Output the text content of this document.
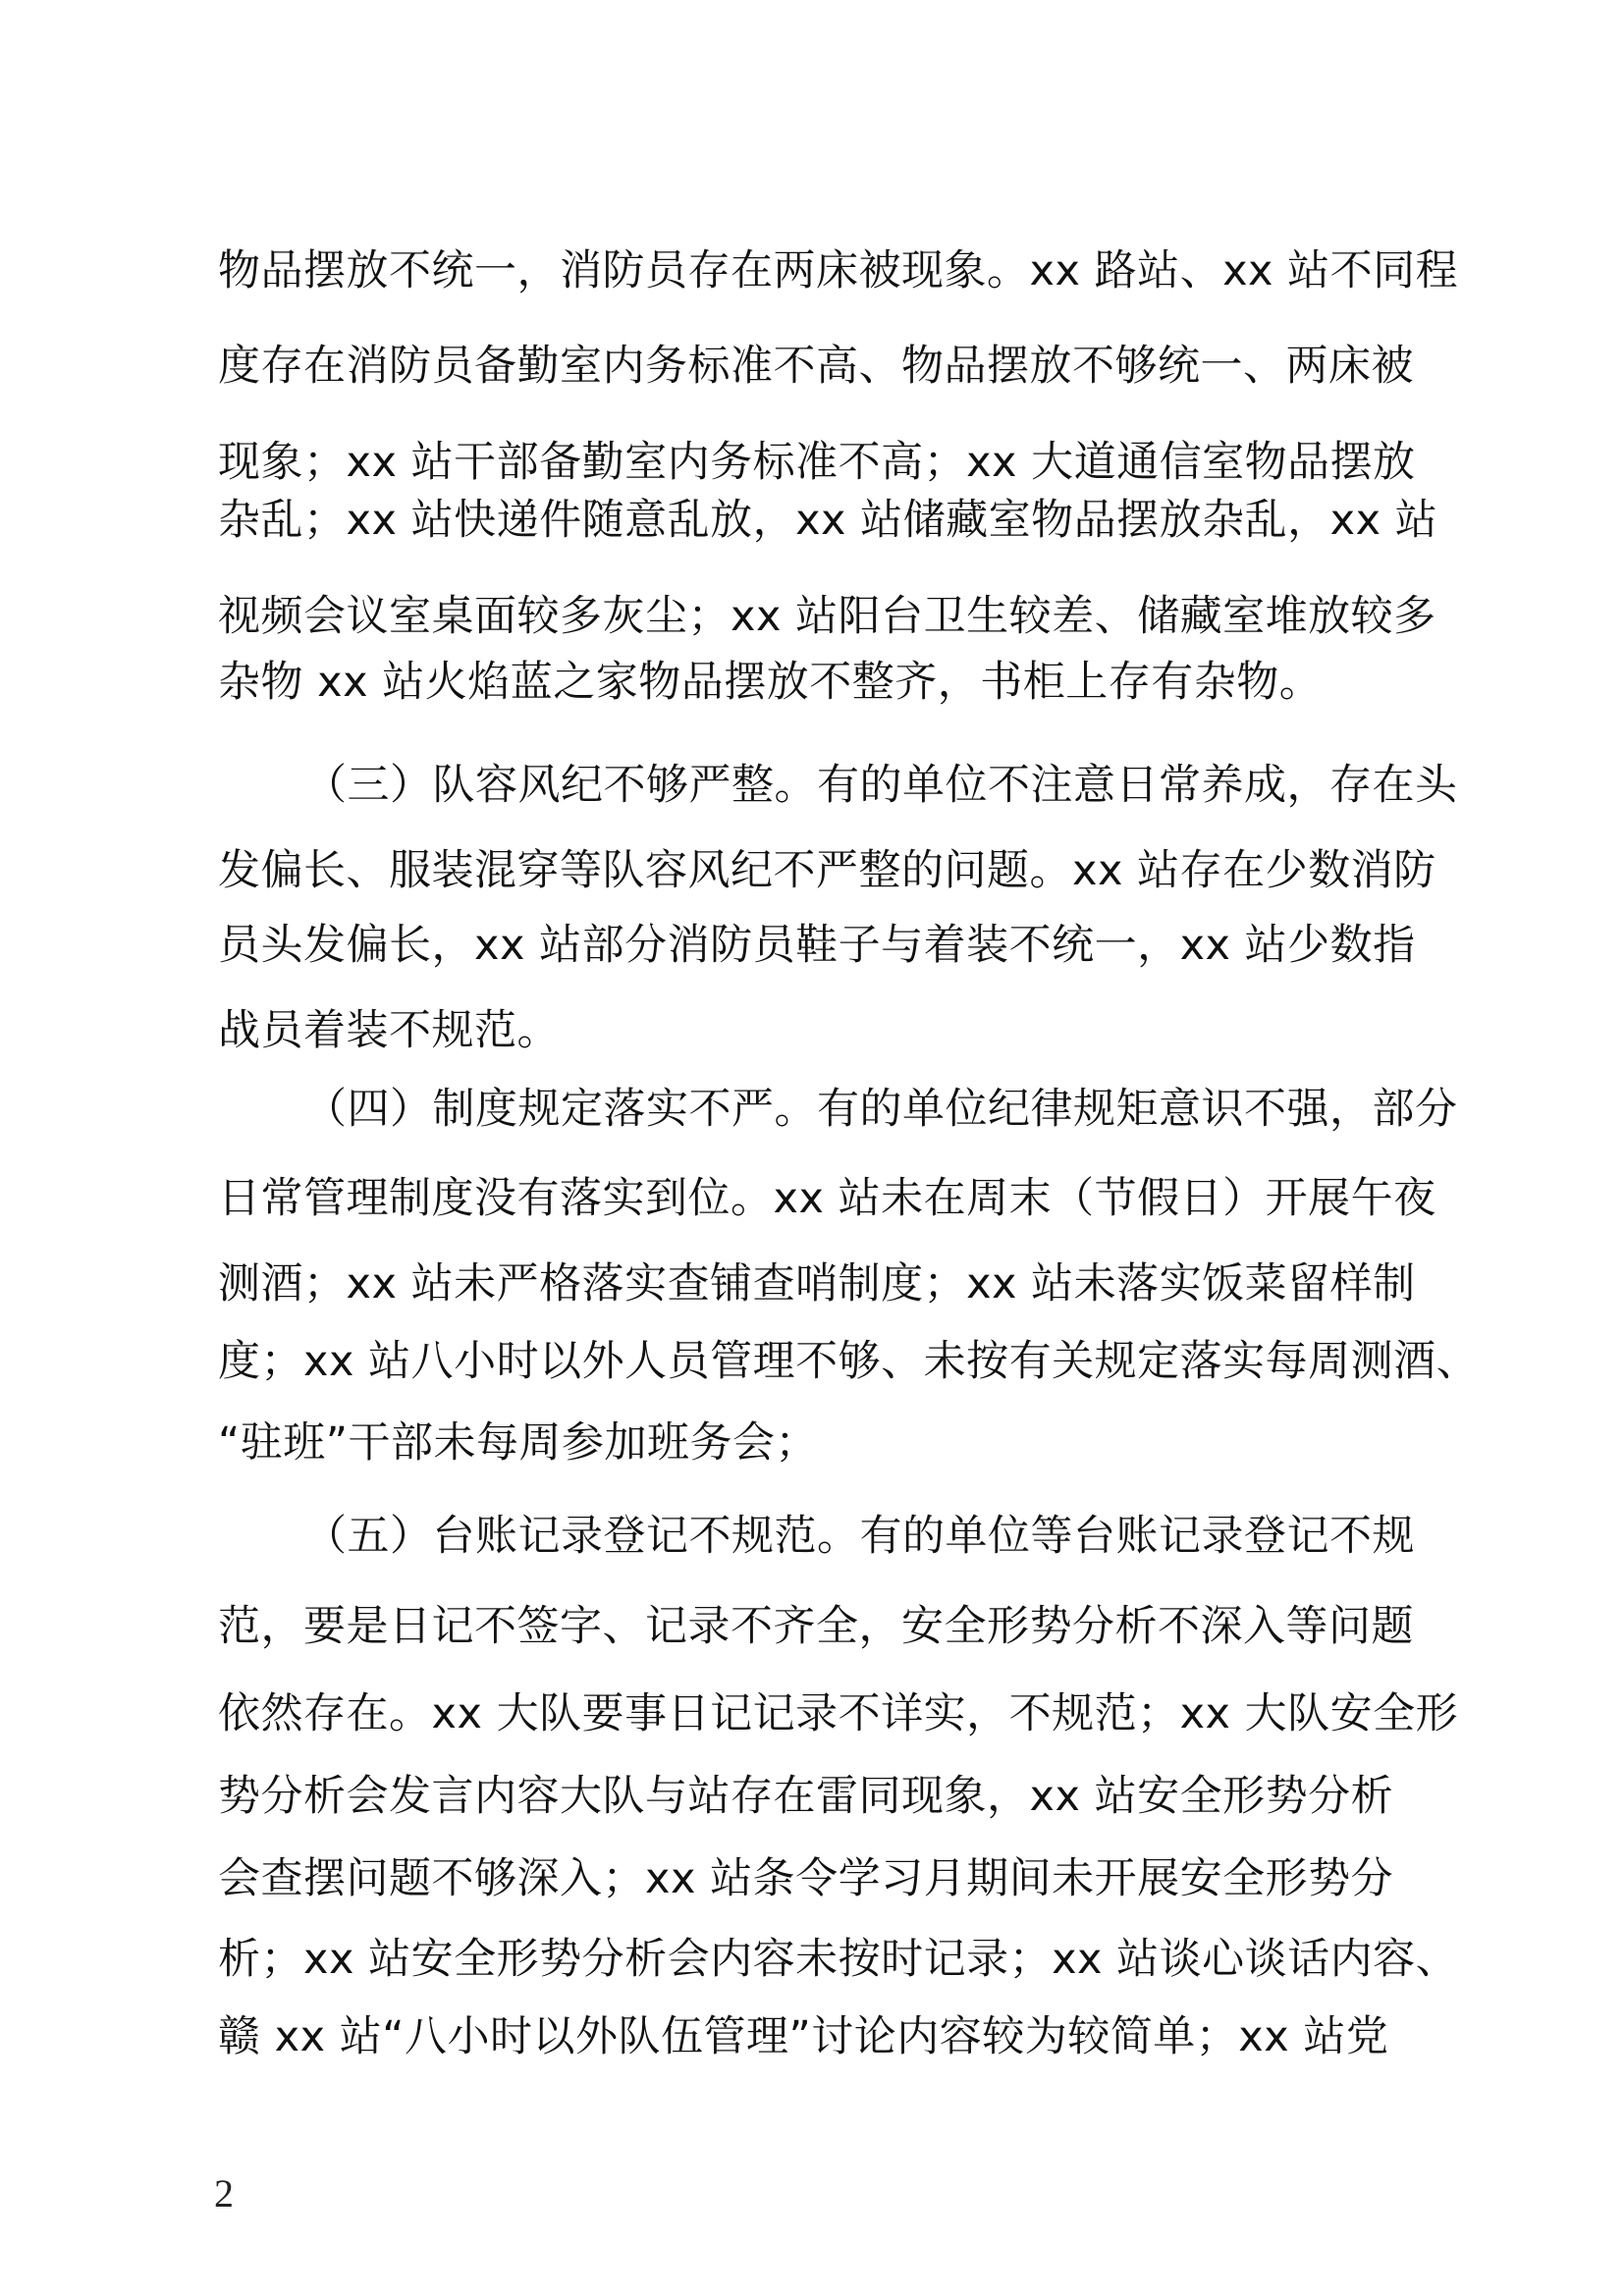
物品摆放不统一，消防员存在两床被现象。xx 路站、xx 站不同程
度存在消防员备勤室内务标准不高、物品摆放不够统一、两床被
现象；xx 站干部备勤室内务标准不高；xx 大道通信室物品摆放
杂乱；xx 站快递件随意乱放，xx 站储藏室物品摆放杂乱，xx 站
视频会议室桌面较多灰尘；xx 站阳台卫生较差、储藏室堆放较多
杂物 xx 站火焰蓝之家物品摆放不整齐，书柜上存有杂物。
（三）队容风纪不够严整。有的单位不注意日常养成，存在头
发偏长、服装混穿等队容风纪不严整的问题。xx 站存在少数消防
员头发偏长，xx 站部分消防员鞋子与着装不统一，xx 站少数指
战员着装不规范。
（四）制度规定落实不严。有的单位纪律规矩意识不强，部分
日常管理制度没有落实到位。xx 站未在周末（节假日）开展午夜
测酒；xx 站未严格落实查铺查哨制度；xx 站未落实饭菜留样制
度；xx 站八小时以外人员管理不够、未按有关规定落实每周测酒、
“驻班”干部未每周参加班务会；
（五）台账记录登记不规范。有的单位等台账记录登记不规
范，要是日记不签字、记录不齐全，安全形势分析不深入等问题
依然存在。xx 大队要事日记记录不详实，不规范；xx 大队安全形
势分析会发言内容大队与站存在雷同现象，xx 站安全形势分析
会查摆问题不够深入；xx 站条令学习月期间未开展安全形势分
析；xx 站安全形势分析会内容未按时记录；xx 站谈心谈话内容、
赣 xx 站“八小时以外队伍管理”讨论内容较为较简单；xx 站党
2
